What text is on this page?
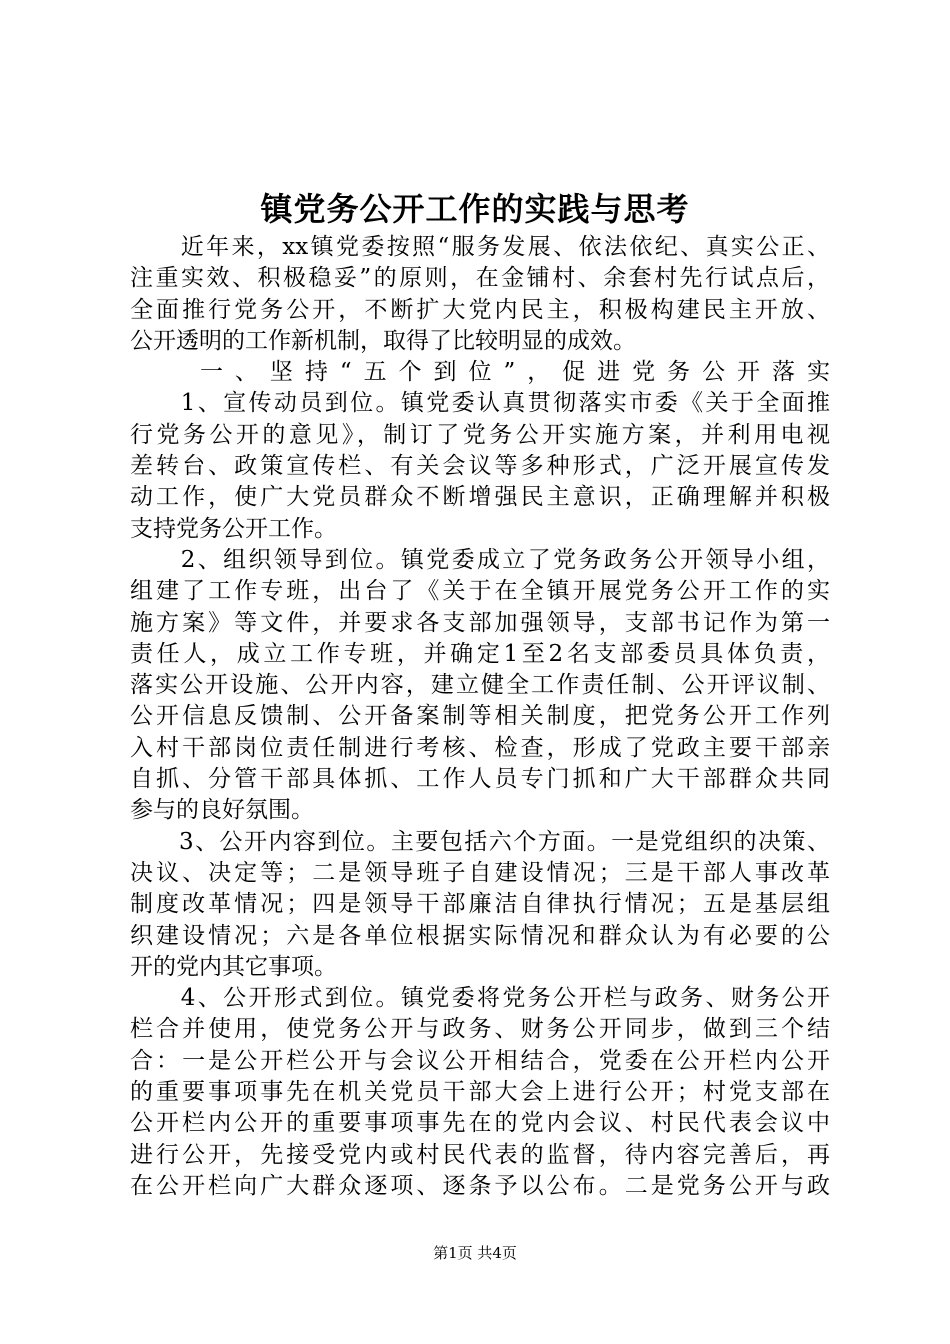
镇党务公开工作的实践与思考
　　近年来，xx镇党委按照“服务发展、依法依纪、真实公正、
注重实效、积极稳妥”的原则，在金铺村、余套村先行试点后，
全面推行党务公开，不断扩大党内民主，积极构建民主开放、
公开透明的工作新机制，取得了比较明显的成效。
　　一、坚持“五个到位”，促进党务公开落实
　　1、宣传动员到位。镇党委认真贯彻落实市委《关于全面推
行党务公开的意见》，制订了党务公开实施方案，并利用电视
差转台、政策宣传栏、有关会议等多种形式，广泛开展宣传发
动工作，使广大党员群众不断增强民主意识，正确理解并积极
支持党务公开工作。
　　2、组织领导到位。镇党委成立了党务政务公开领导小组，
组建了工作专班，出台了《关于在全镇开展党务公开工作的实
施方案》等文件，并要求各支部加强领导，支部书记作为第一
责任人，成立工作专班，并确定1至2名支部委员具体负责，
落实公开设施、公开内容，建立健全工作责任制、公开评议制、
公开信息反馈制、公开备案制等相关制度，把党务公开工作列
入村干部岗位责任制进行考核、检查，形成了党政主要干部亲
自抓、分管干部具体抓、工作人员专门抓和广大干部群众共同
参与的良好氛围。
　　3、公开内容到位。主要包括六个方面。一是党组织的决策、
决议、决定等；二是领导班子自建设情况；三是干部人事改革
制度改革情况；四是领导干部廉洁自律执行情况；五是基层组
织建设情况；六是各单位根据实际情况和群众认为有必要的公
开的党内其它事项。
　　4、公开形式到位。镇党委将党务公开栏与政务、财务公开
栏合并使用，使党务公开与政务、财务公开同步，做到三个结
合：一是公开栏公开与会议公开相结合，党委在公开栏内公开
的重要事项事先在机关党员干部大会上进行公开；村党支部在
公开栏内公开的重要事项事先在的党内会议、村民代表会议中
进行公开，先接受党内或村民代表的监督，待内容完善后，再
在公开栏向广大群众逐项、逐条予以公布。二是党务公开与政
第1页 共4页
